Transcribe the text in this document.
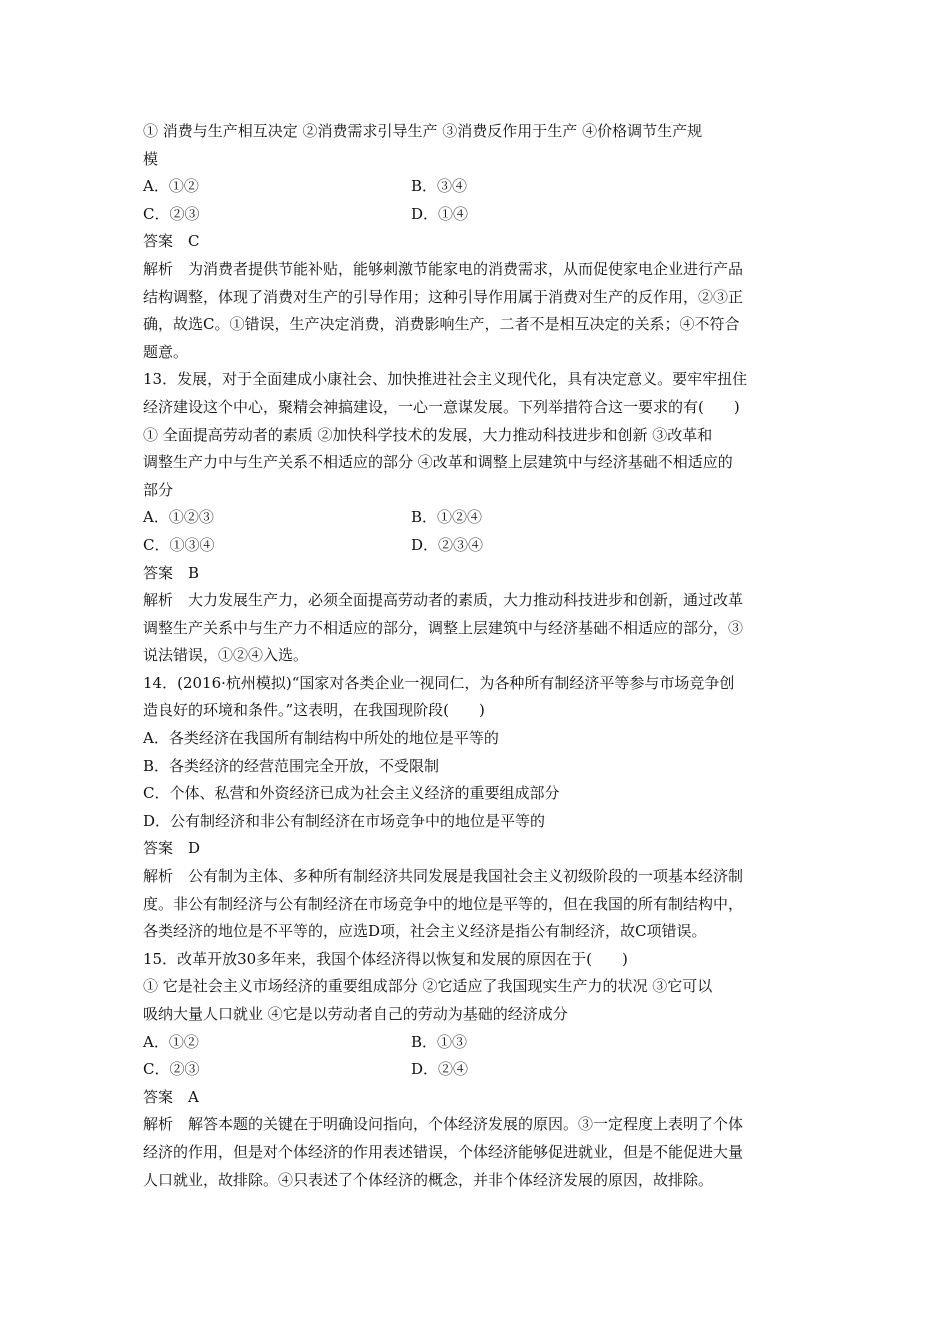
① 消费与生产相互决定 ②消费需求引导生产 ③消费反作用于生产 ④价格调节生产规
模
A．①②	B．③④
C．②③	D．①④
答案 C
解析 为消费者提供节能补贴，能够刺激节能家电的消费需求，从而促使家电企业进行产品
结构调整，体现了消费对生产的引导作用；这种引导作用属于消费对生产的反作用，②③正
确，故选C。①错误，生产决定消费，消费影响生产，二者不是相互决定的关系；④不符合
题意。
13．发展，对于全面建成小康社会、加快推进社会主义现代化，具有决定意义。要牢牢扭住
经济建设这个中心，聚精会神搞建设，一心一意谋发展。下列举措符合这一要求的有(　　)
① 全面提高劳动者的素质 ②加快科学技术的发展，大力推动科技进步和创新 ③改革和
调整生产力中与生产关系不相适应的部分 ④改革和调整上层建筑中与经济基础不相适应的
部分
A．①②③	B．①②④
C．①③④	D．②③④
答案 B
解析 大力发展生产力，必须全面提高劳动者的素质，大力推动科技进步和创新，通过改革
调整生产关系中与生产力不相适应的部分，调整上层建筑中与经济基础不相适应的部分，③
说法错误，①②④入选。
14．(2016·杭州模拟)“国家对各类企业一视同仁，为各种所有制经济平等参与市场竞争创
造良好的环境和条件。”这表明，在我国现阶段(　　)
A．各类经济在我国所有制结构中所处的地位是平等的
B．各类经济的经营范围完全开放，不受限制
C．个体、私营和外资经济已成为社会主义经济的重要组成部分
D．公有制经济和非公有制经济在市场竞争中的地位是平等的
答案 D
解析 公有制为主体、多种所有制经济共同发展是我国社会主义初级阶段的一项基本经济制
度。非公有制经济与公有制经济在市场竞争中的地位是平等的，但在我国的所有制结构中，
各类经济的地位是不平等的，应选D项，社会主义经济是指公有制经济，故C项错误。
15．改革开放30多年来，我国个体经济得以恢复和发展的原因在于(　　)
① 它是社会主义市场经济的重要组成部分 ②它适应了我国现实生产力的状况 ③它可以
吸纳大量人口就业 ④它是以劳动者自己的劳动为基础的经济成分
A．①②	B．①③
C．②③	D．②④
答案 A
解析 解答本题的关键在于明确设问指向，个体经济发展的原因。③一定程度上表明了个体
经济的作用，但是对个体经济的作用表述错误，个体经济能够促进就业，但是不能促进大量
人口就业，故排除。④只表述了个体经济的概念，并非个体经济发展的原因，故排除。
